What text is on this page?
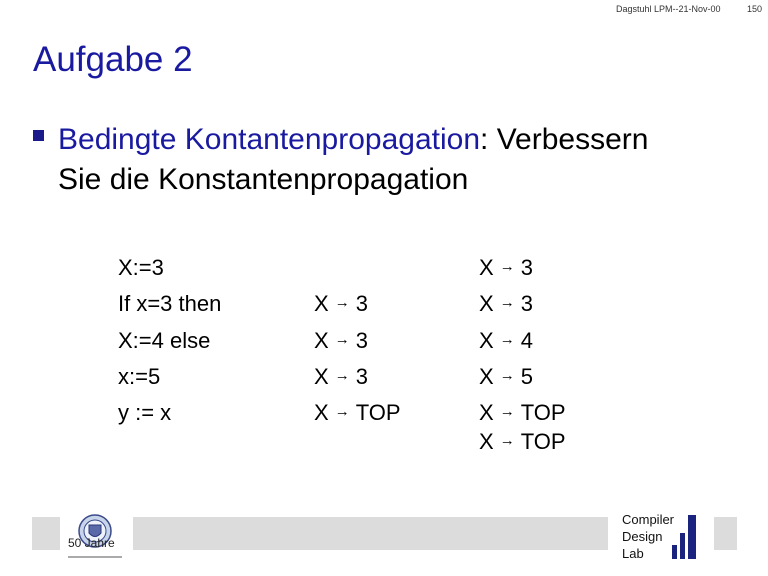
Dagstuhl LPM--21-Nov-00	150
Aufgabe 2
Bedingte Kontantenpropagation: Verbessern
Sie die Konstantenpropagation
X:=3
If x=3 then
X:=4 else
x:=5
y := x
X → 3
X → 3
X → 3
X → TOP
X → 3
X → 3
X → 4
X → 5
X → TOP
X → TOP
50 Jahre
Compiler
Design
Lab
